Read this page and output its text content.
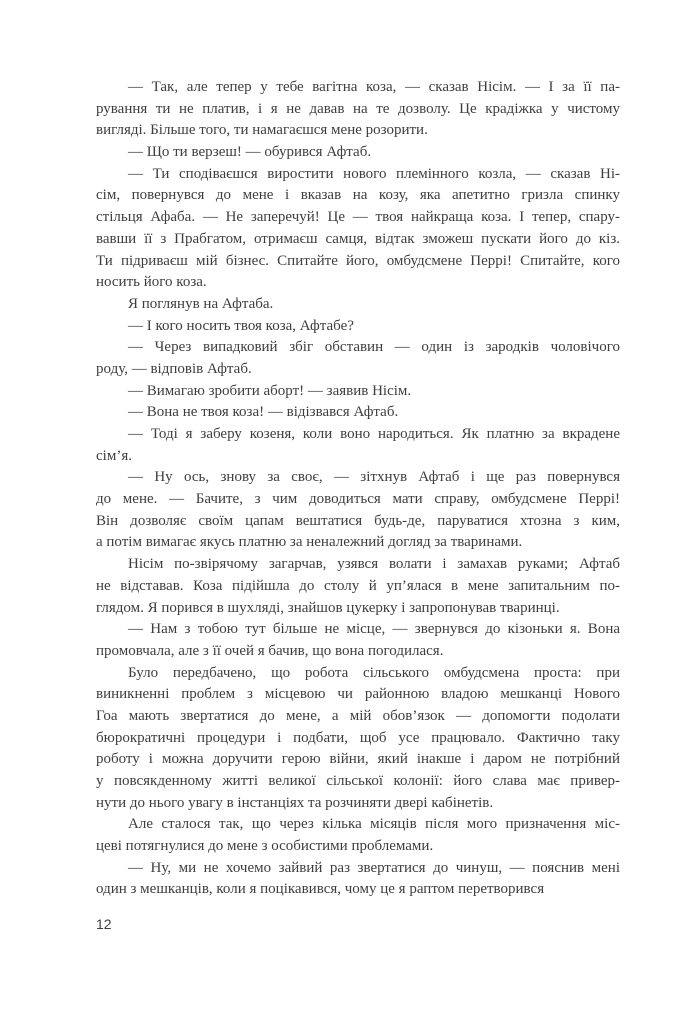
— Так, але тепер у тебе вагітна коза, — сказав Нісім. — І за її па-
рування ти не платив, і я не давав на те дозволу. Це крадіжка у чистому
вигляді. Більше того, ти намагаєшся мене розорити.
— Що ти верзеш! — обурився Афтаб.
— Ти сподіваєшся виростити нового племінного козла, — сказав Ні-
сім, повернувся до мене і вказав на козу, яка апетитно гризла спинку
стільця Афаба. — Не заперечуй! Це — твоя найкраща коза. І тепер, спару-
вавши її з Прабгатом, отримаєш самця, відтак зможеш пускати його до кіз.
Ти підриваєш мій бізнес. Спитайте його, омбудсмене Перрі! Спитайте, кого
носить його коза.
Я поглянув на Афтаба.
— І кого носить твоя коза, Афтабе?
— Через випадковий збіг обставин — один із зародків чоловічого
роду, — відповів Афтаб.
— Вимагаю зробити аборт! — заявив Нісім.
— Вона не твоя коза! — відізвався Афтаб.
— Тоді я заберу козеня, коли воно народиться. Як платню за вкрадене
сім’я.
— Ну ось, знову за своє, — зітхнув Афтаб і ще раз повернувся
до мене. — Бачите, з чим доводиться мати справу, омбудсмене Перрі!
Він дозволяє своїм цапам вештатися будь-де, паруватися хтозна з ким,
а потім вимагає якусь платню за неналежний догляд за тваринами.
Нісім по-звірячому загарчав, узявся волати і замахав руками; Афтаб
не відставав. Коза підійшла до столу й уп’ялася в мене запитальним по-
глядом. Я порився в шухляді, знайшов цукерку і запропонував тваринці.
— Нам з тобою тут більше не місце, — звернувся до кізоньки я. Вона
промовчала, але з її очей я бачив, що вона погодилася.
Було передбачено, що робота сільського омбудсмена проста: при
виникненні проблем з місцевою чи районною владою мешканці Нового
Гоа мають звертатися до мене, а мій обов’язок — допомогти подолати
бюрократичні процедури і подбати, щоб усе працювало. Фактично таку
роботу і можна доручити герою війни, який інакше і даром не потрібний
у повсякденному житті великої сільської колонії: його слава має привер-
нути до нього увагу в інстанціях та розчиняти двері кабінетів.
Але сталося так, що через кілька місяців після мого призначення міс-
цеві потягнулися до мене з особистими проблемами.
— Ну, ми не хочемо зайвий раз звертатися до чинуш, — пояснив мені
один з мешканців, коли я поцікавився, чому це я раптом перетворився
12
